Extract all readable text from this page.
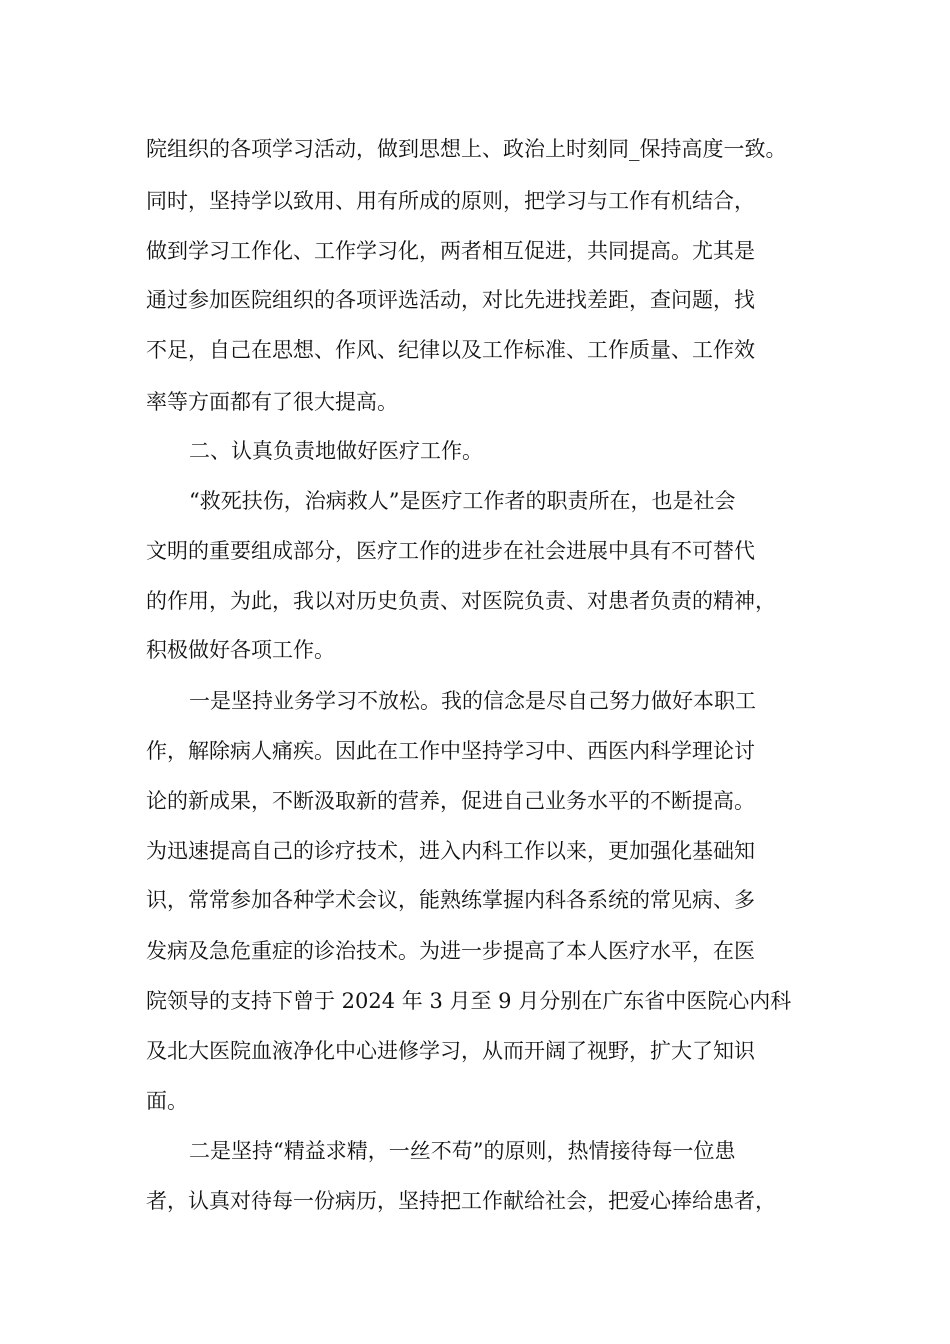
院组织的各项学习活动，做到思想上、政治上时刻同_保持高度一致。
同时，坚持学以致用、用有所成的原则，把学习与工作有机结合，
做到学习工作化、工作学习化，两者相互促进，共同提高。尤其是
通过参加医院组织的各项评选活动，对比先进找差距，查问题，找
不足，自己在思想、作风、纪律以及工作标准、工作质量、工作效
率等方面都有了很大提高。
二、认真负责地做好医疗工作。
“救死扶伤，治病救人”是医疗工作者的职责所在，也是社会
文明的重要组成部分，医疗工作的进步在社会进展中具有不可替代
的作用，为此，我以对历史负责、对医院负责、对患者负责的精神，
积极做好各项工作。
一是坚持业务学习不放松。我的信念是尽自己努力做好本职工
作，解除病人痛疾。因此在工作中坚持学习中、西医内科学理论讨
论的新成果，不断汲取新的营养，促进自己业务水平的不断提高。
为迅速提高自己的诊疗技术，进入内科工作以来，更加强化基础知
识，常常参加各种学术会议，能熟练掌握内科各系统的常见病、多
发病及急危重症的诊治技术。为进一步提高了本人医疗水平，在医
院领导的支持下曾于 2024 年 3 月至 9 月分别在广东省中医院心内科
及北大医院血液净化中心进修学习，从而开阔了视野，扩大了知识
面。
二是坚持“精益求精，一丝不苟”的原则，热情接待每一位患
者，认真对待每一份病历，坚持把工作献给社会，把爱心捧给患者，
